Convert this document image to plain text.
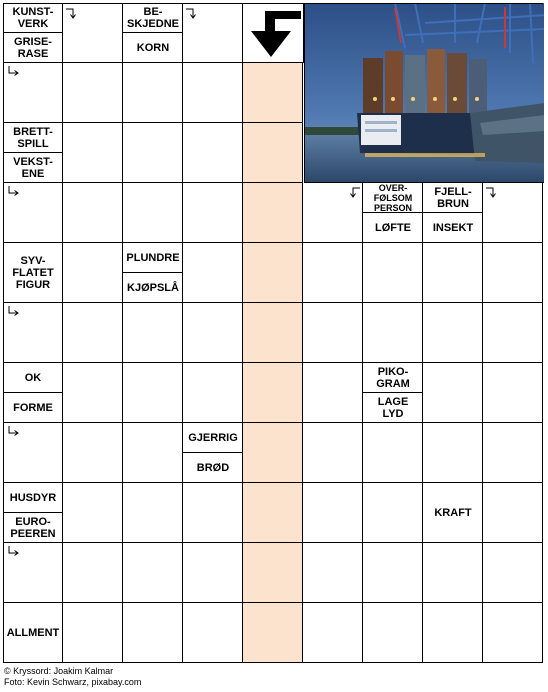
KUNST-
VERK
GRISE-
RASE
BE-
SKJEDNE
KORN
BRETT-
SPILL
VEKST-
ENE
OVER-
FØLSOM
PERSON
LØFTE
FJELL-
BRUN
INSEKT
SYV-
FLATET
FIGUR
PLUNDRE
KJØPSLÅ
OK
FORME
PIKO-
GRAM
LAGE
LYD
GJERRIG
BRØD
HUSDYR
EURO-
PEEREN
KRAFT
ALLMENT
© Kryssord: Joakim Kalmar
Foto: Kevin Schwarz, pixabay.com
